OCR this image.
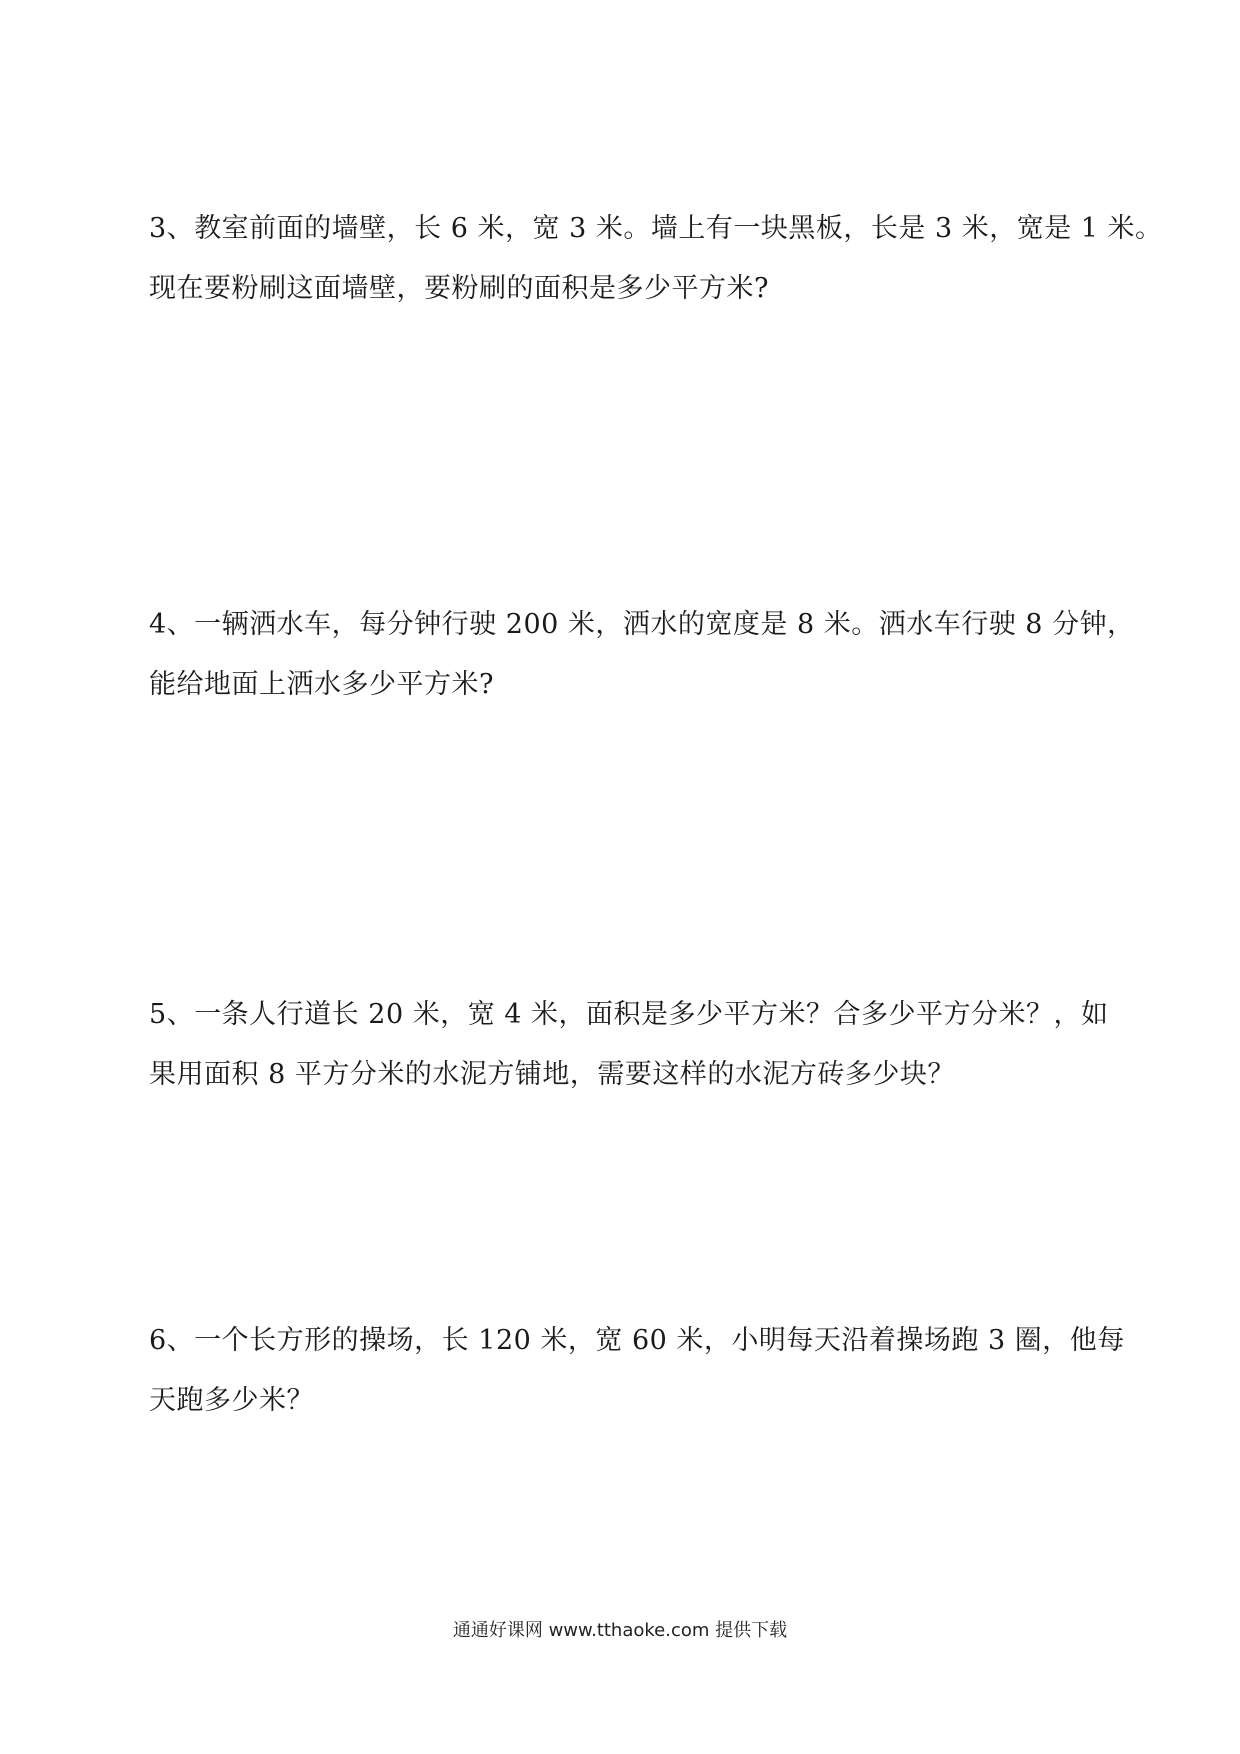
3、教室前面的墙壁，长 6 米，宽 3 米。墙上有一块黑板，长是 3 米，宽是 1 米。
现在要粉刷这面墙壁，要粉刷的面积是多少平方米?
4、一辆洒水车，每分钟行驶 200 米，洒水的宽度是 8 米。洒水车行驶 8 分钟，
能给地面上洒水多少平方米?
5、一条人行道长 20 米，宽 4 米，面积是多少平方米？合多少平方分米？，如
果用面积 8 平方分米的水泥方铺地，需要这样的水泥方砖多少块？
6、一个长方形的操场，长 120 米，宽 60 米，小明每天沿着操场跑 3 圈，他每
天跑多少米？
通通好课网 www.tthaoke.com 提供下载
